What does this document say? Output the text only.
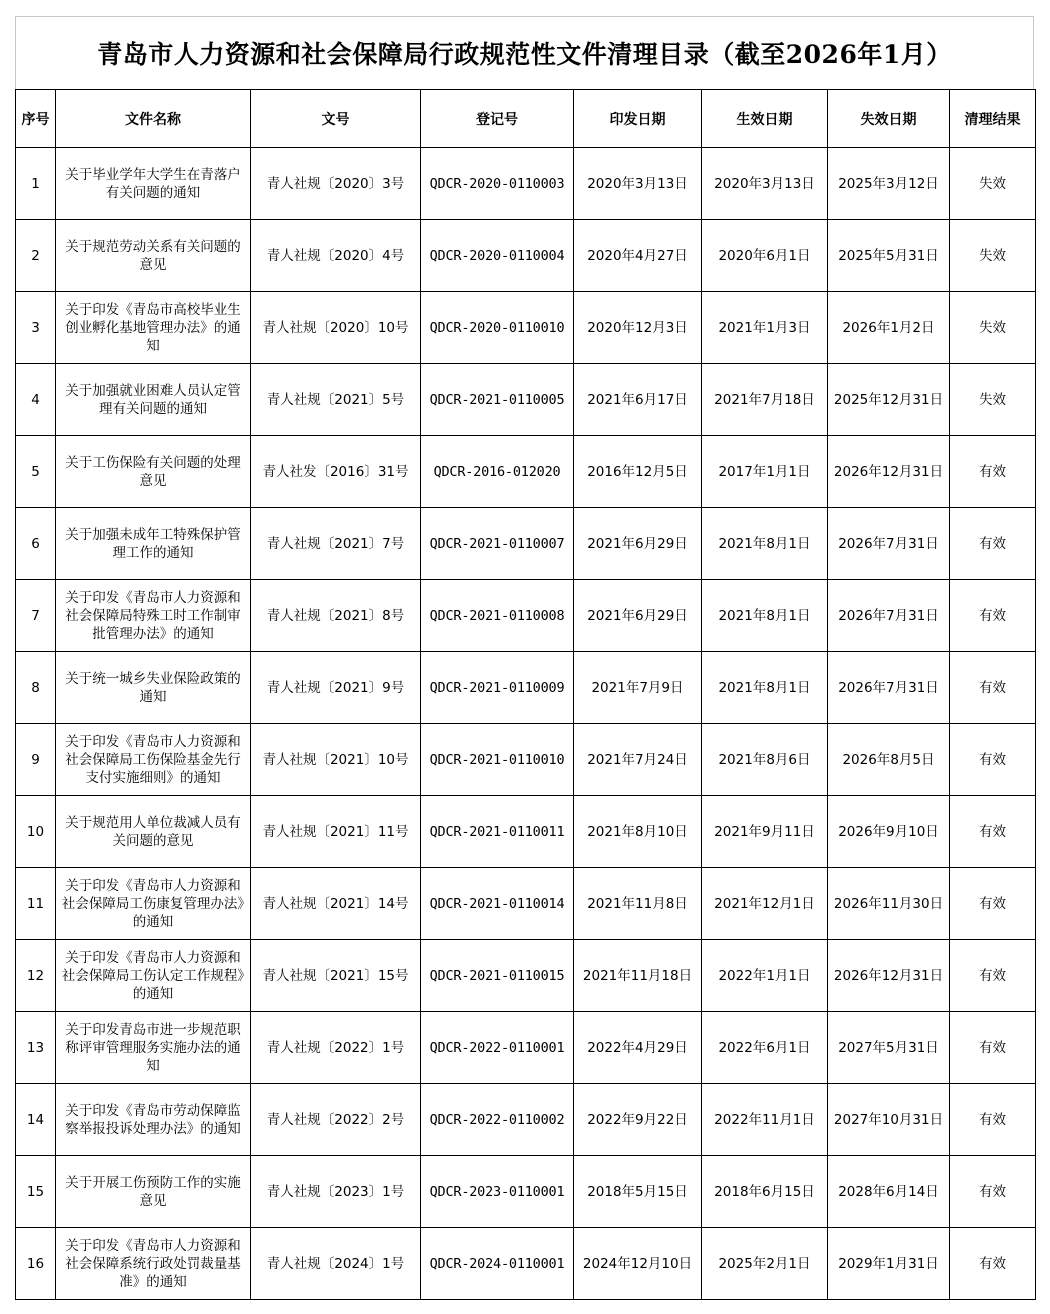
青岛市人力资源和社会保障局行政规范性文件清理目录（截至2026年1月）
序号	文件名称	文号	登记号	印发日期	生效日期	失效日期	清理结果
1	关于毕业学年大学生在青落户有关问题的通知	青人社规〔2020〕3号	QDCR-2020-0110003	2020年3月13日	2020年3月13日	2025年3月12日	失效
2	关于规范劳动关系有关问题的意见	青人社规〔2020〕4号	QDCR-2020-0110004	2020年4月27日	2020年6月1日	2025年5月31日	失效
3	关于印发《青岛市高校毕业生创业孵化基地管理办法》的通知	青人社规〔2020〕10号	QDCR-2020-0110010	2020年12月3日	2021年1月3日	2026年1月2日	失效
4	关于加强就业困难人员认定管理有关问题的通知	青人社规〔2021〕5号	QDCR-2021-0110005	2021年6月17日	2021年7月18日	2025年12月31日	失效
5	关于工伤保险有关问题的处理意见	青人社发〔2016〕31号	QDCR-2016-012020	2016年12月5日	2017年1月1日	2026年12月31日	有效
6	关于加强未成年工特殊保护管理工作的通知	青人社规〔2021〕7号	QDCR-2021-0110007	2021年6月29日	2021年8月1日	2026年7月31日	有效
7	关于印发《青岛市人力资源和社会保障局特殊工时工作制审批管理办法》的通知	青人社规〔2021〕8号	QDCR-2021-0110008	2021年6月29日	2021年8月1日	2026年7月31日	有效
8	关于统一城乡失业保险政策的通知	青人社规〔2021〕9号	QDCR-2021-0110009	2021年7月9日	2021年8月1日	2026年7月31日	有效
9	关于印发《青岛市人力资源和社会保障局工伤保险基金先行支付实施细则》的通知	青人社规〔2021〕10号	QDCR-2021-0110010	2021年7月24日	2021年8月6日	2026年8月5日	有效
10	关于规范用人单位裁减人员有关问题的意见	青人社规〔2021〕11号	QDCR-2021-0110011	2021年8月10日	2021年9月11日	2026年9月10日	有效
11	关于印发《青岛市人力资源和社会保障局工伤康复管理办法》的通知	青人社规〔2021〕14号	QDCR-2021-0110014	2021年11月8日	2021年12月1日	2026年11月30日	有效
12	关于印发《青岛市人力资源和社会保障局工伤认定工作规程》的通知	青人社规〔2021〕15号	QDCR-2021-0110015	2021年11月18日	2022年1月1日	2026年12月31日	有效
13	关于印发青岛市进一步规范职称评审管理服务实施办法的通知	青人社规〔2022〕1号	QDCR-2022-0110001	2022年4月29日	2022年6月1日	2027年5月31日	有效
14	关于印发《青岛市劳动保障监察举报投诉处理办法》的通知	青人社规〔2022〕2号	QDCR-2022-0110002	2022年9月22日	2022年11月1日	2027年10月31日	有效
15	关于开展工伤预防工作的实施意见	青人社规〔2023〕1号	QDCR-2023-0110001	2018年5月15日	2018年6月15日	2028年6月14日	有效
16	关于印发《青岛市人力资源和社会保障系统行政处罚裁量基准》的通知	青人社规〔2024〕1号	QDCR-2024-0110001	2024年12月10日	2025年2月1日	2029年1月31日	有效
